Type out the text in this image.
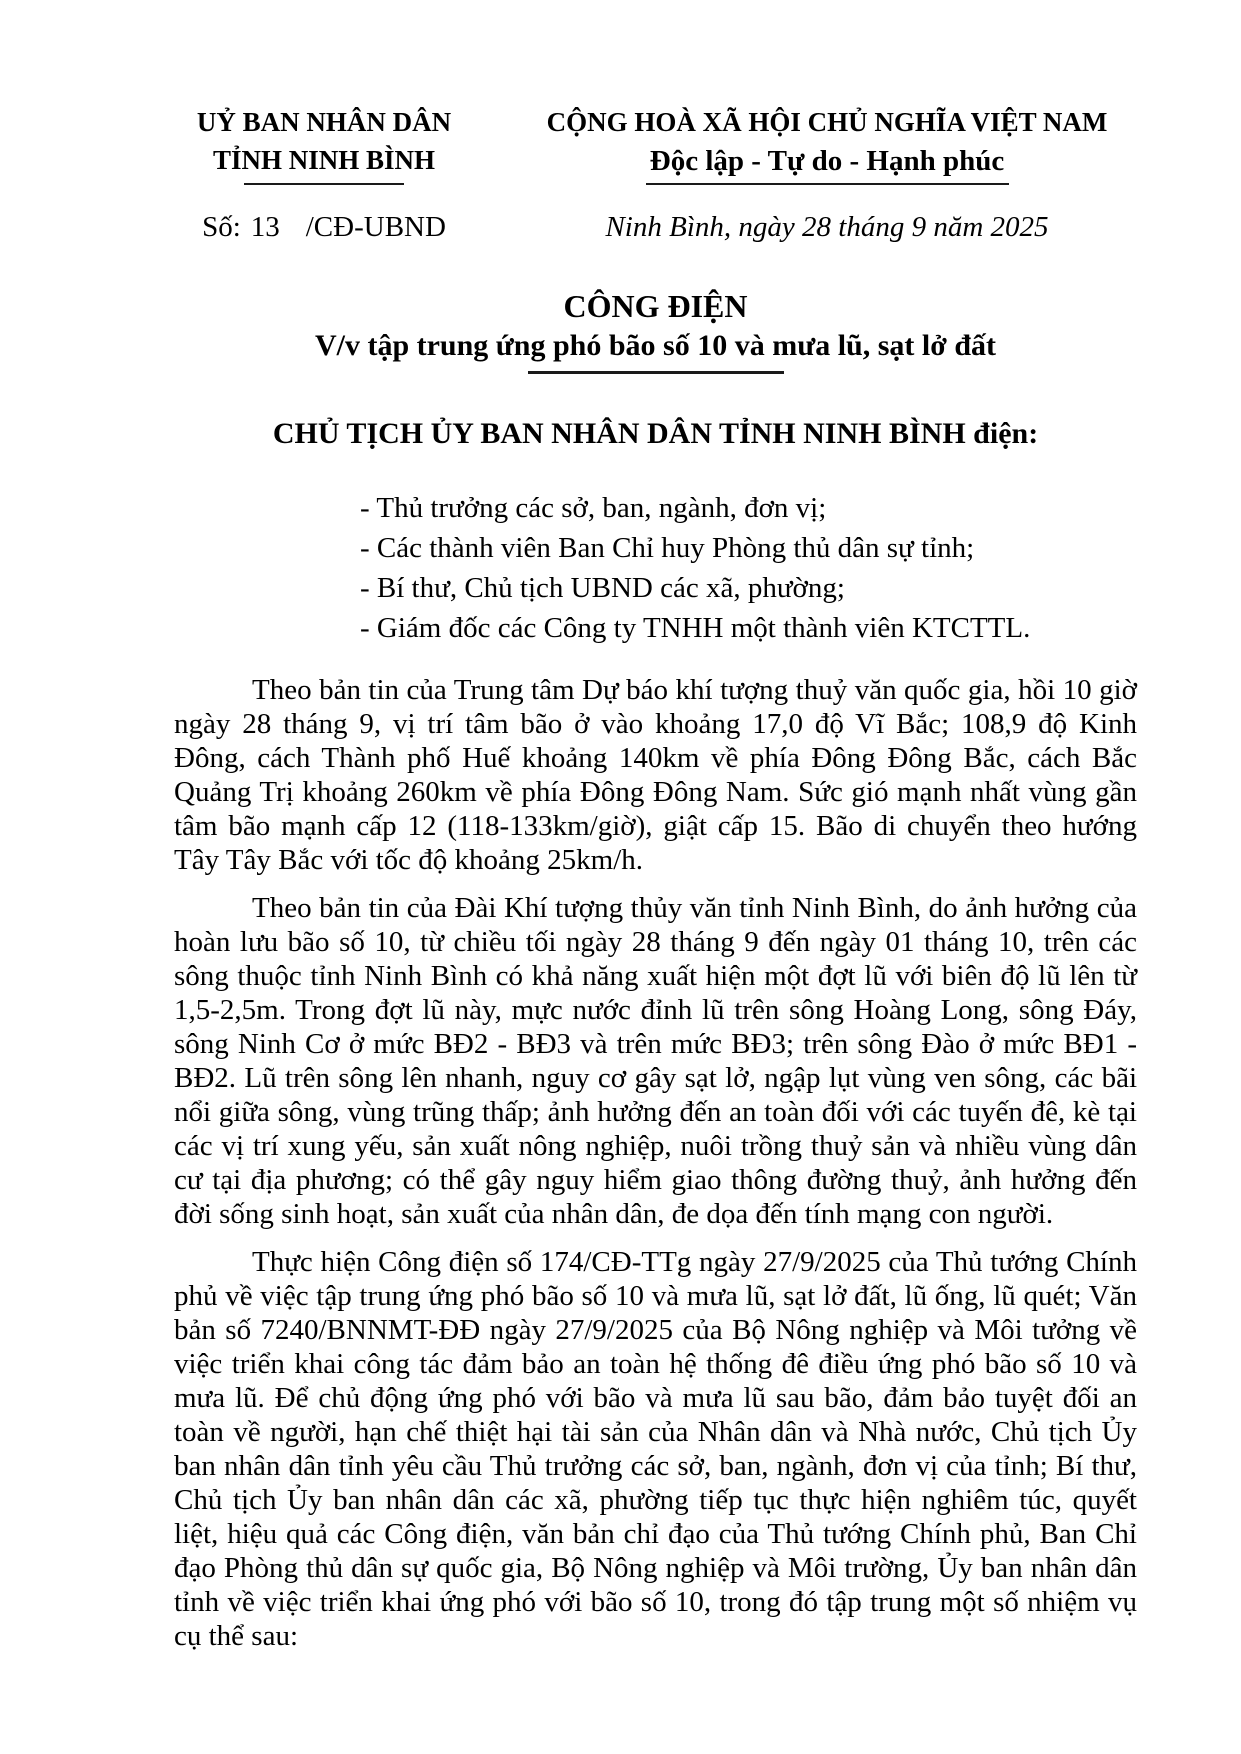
UỶ BAN NHÂN DÂN
TỈNH NINH BÌNH
Số: 13 /CĐ-UBND
CỘNG HOÀ XÃ HỘI CHỦ NGHĨA VIỆT NAM
Độc lập - Tự do - Hạnh phúc
Ninh Bình, ngày 28 tháng 9 năm 2025
CÔNG ĐIỆN
V/v tập trung ứng phó bão số 10 và mưa lũ, sạt lở đất
CHỦ TỊCH ỦY BAN NHÂN DÂN TỈNH NINH BÌNH điện:
- Thủ trưởng các sở, ban, ngành, đơn vị;
- Các thành viên Ban Chỉ huy Phòng thủ dân sự tỉnh;
- Bí thư, Chủ tịch UBND các xã, phường;
- Giám đốc các Công ty TNHH một thành viên KTCTTL.

Theo bản tin của Trung tâm Dự báo khí tượng thuỷ văn quốc gia, hồi 10 giờ ngày 28 tháng 9, vị trí tâm bão ở vào khoảng 17,0 độ Vĩ Bắc; 108,9 độ Kinh Đông, cách Thành phố Huế khoảng 140km về phía Đông Đông Bắc, cách Bắc Quảng Trị khoảng 260km về phía Đông Đông Nam. Sức gió mạnh nhất vùng gần tâm bão mạnh cấp 12 (118-133km/giờ), giật cấp 15. Bão di chuyển theo hướng Tây Tây Bắc với tốc độ khoảng 25km/h.

Theo bản tin của Đài Khí tượng thủy văn tỉnh Ninh Bình, do ảnh hưởng của hoàn lưu bão số 10, từ chiều tối ngày 28 tháng 9 đến ngày 01 tháng 10, trên các sông thuộc tỉnh Ninh Bình có khả năng xuất hiện một đợt lũ với biên độ lũ lên từ 1,5-2,5m. Trong đợt lũ này, mực nước đỉnh lũ trên sông Hoàng Long, sông Đáy, sông Ninh Cơ ở mức BĐ2 - BĐ3 và trên mức BĐ3; trên sông Đào ở mức BĐ1 - BĐ2. Lũ trên sông lên nhanh, nguy cơ gây sạt lở, ngập lụt vùng ven sông, các bãi nổi giữa sông, vùng trũng thấp; ảnh hưởng đến an toàn đối với các tuyến đê, kè tại các vị trí xung yếu, sản xuất nông nghiệp, nuôi trồng thuỷ sản và nhiều vùng dân cư tại địa phương; có thể gây nguy hiểm giao thông đường thuỷ, ảnh hưởng đến đời sống sinh hoạt, sản xuất của nhân dân, đe dọa đến tính mạng con người.

Thực hiện Công điện số 174/CĐ-TTg ngày 27/9/2025 của Thủ tướng Chính phủ về việc tập trung ứng phó bão số 10 và mưa lũ, sạt lở đất, lũ ống, lũ quét; Văn bản số 7240/BNNMT-ĐĐ ngày 27/9/2025 của Bộ Nông nghiệp và Môi tưởng về việc triển khai công tác đảm bảo an toàn hệ thống đê điều ứng phó bão số 10 và mưa lũ. Để chủ động ứng phó với bão và mưa lũ sau bão, đảm bảo tuyệt đối an toàn về người, hạn chế thiệt hại tài sản của Nhân dân và Nhà nước, Chủ tịch Ủy ban nhân dân tỉnh yêu cầu Thủ trưởng các sở, ban, ngành, đơn vị của tỉnh; Bí thư, Chủ tịch Ủy ban nhân dân các xã, phường tiếp tục thực hiện nghiêm túc, quyết liệt, hiệu quả các Công điện, văn bản chỉ đạo của Thủ tướng Chính phủ, Ban Chỉ đạo Phòng thủ dân sự quốc gia, Bộ Nông nghiệp và Môi trường, Ủy ban nhân dân tỉnh về việc triển khai ứng phó với bão số 10, trong đó tập trung một số nhiệm vụ cụ thể sau:
